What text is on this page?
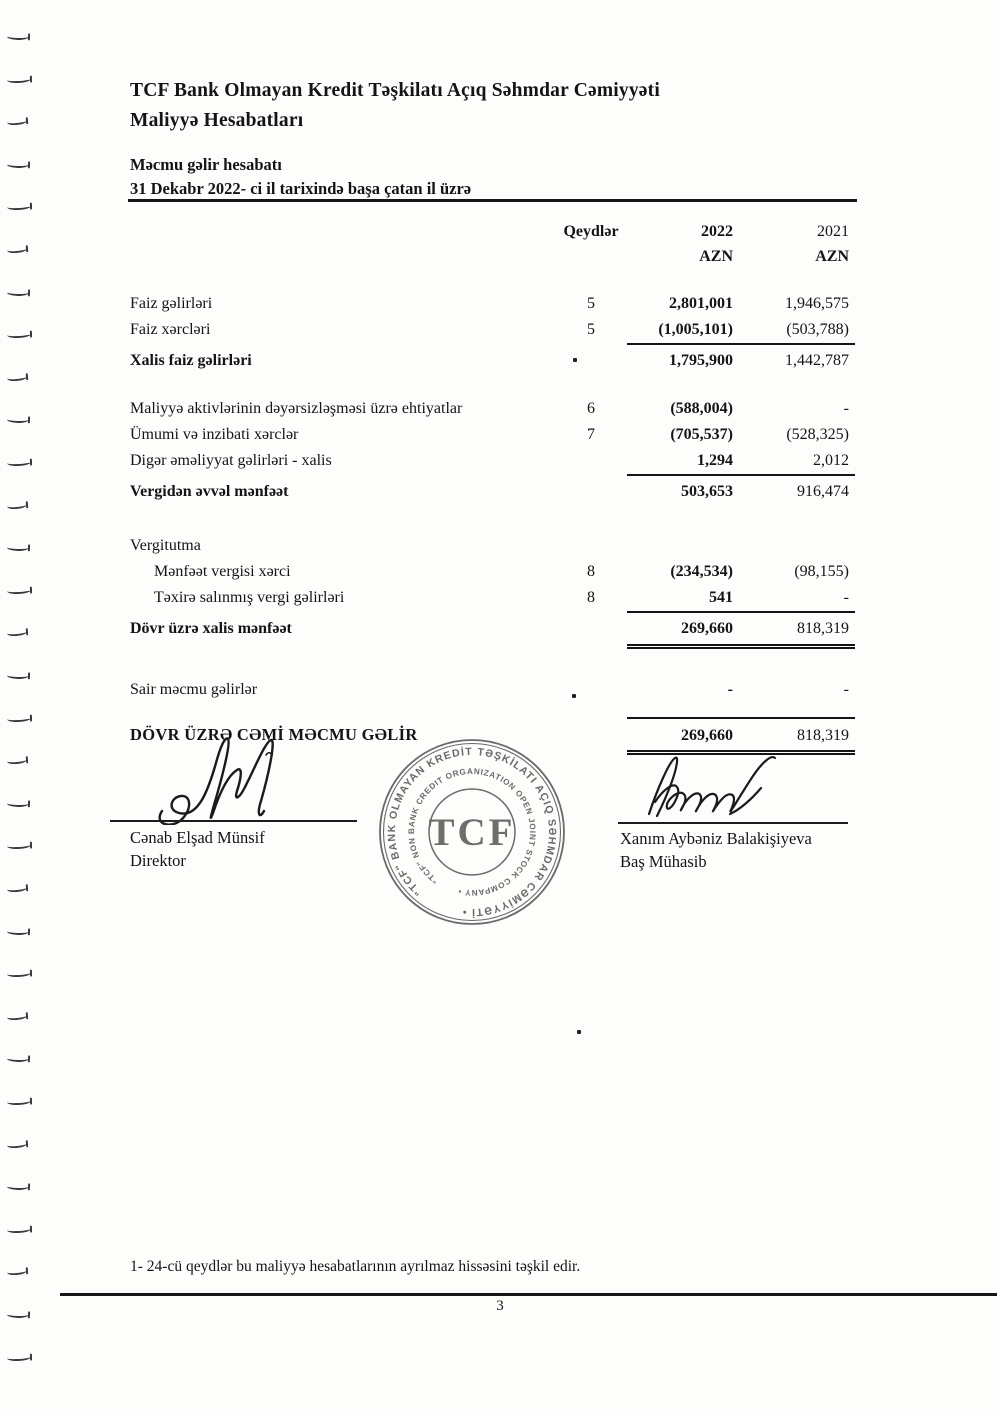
TCF Bank Olmayan Kredit Təşkilatı Açıq Səhmdar Cəmiyyəti
Maliyyə Hesabatları
Məcmu gəlir hesabatı
31 Dekabr 2022- ci il tarixində başa çatan il üzrə
Qeydlər	2022	2021
AZN	AZN
Faiz gəlirləri	5	2,801,001	1,946,575
Faiz xərcləri	5	(1,005,101)	(503,788)
Xalis faiz gəlirləri	1,795,900	1,442,787
Maliyyə aktivlərinin dəyərsizləşməsi üzrə ehtiyatlar	6	(588,004)	-
Ümumi və inzibati xərclər	7	(705,537)	(528,325)
Digər əməliyyat gəlirləri - xalis	1,294	2,012
Vergidən əvvəl mənfəət	503,653	916,474
Vergitutma
Mənfəət vergisi xərci	8	(234,534)	(98,155)
Təxirə salınmış vergi gəlirləri	8	541	-
Dövr üzrə xalis mənfəət	269,660	818,319
Sair məcmu gəlirlər	-	-
DÖVR ÜZRƏ CƏMİ MƏCMU GƏLİR	269,660	818,319
Cənab Elşad Münsif
Direktor
"TCF" BANK OLMAYAN KREDİT TƏŞKİLATI AÇIQ SƏHMDAR CƏMİYYƏTİ •
"TCF" NON BANK CREDIT ORGANIZATION OPEN JOINT STOCK COMPANY •
TCF	Xanım Aybəniz Balakişiyeva
Baş Mühasib
1- 24-cü qeydlər bu maliyyə hesabatlarının ayrılmaz hissəsini təşkil edir.
3
